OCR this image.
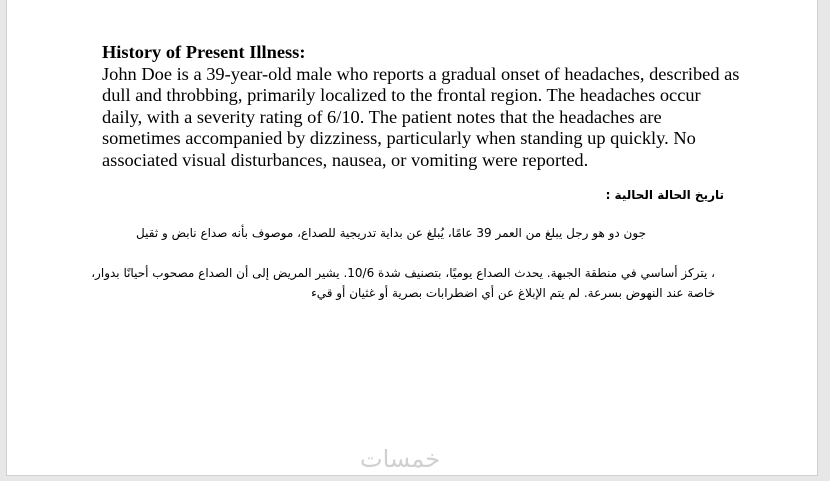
History of Present Illness:
John Doe is a 39-year-old male who reports a gradual onset of headaches, described as dull and throbbing, primarily localized to the frontal region. The headaches occur daily, with a severity rating of 6/10. The patient notes that the headaches are sometimes accompanied by dizziness, particularly when standing up quickly. No associated visual disturbances, nausea, or vomiting were reported.
تاريخ الحالة الحالية :
جون دو هو رجل يبلغ من العمر 39 عامًا، يُبلغ عن بداية تدريجية للصداع، موصوف بأنه صداع نابض و ثقيل
، يتركز أساسي في منطقة الجبهة. يحدث الصداع يوميًا، بتصنيف شدة 10/6. يشير المريض إلى أن الصداع مصحوب أحيانًا بدوار، خاصة عند النهوض بسرعة. لم يتم الإبلاغ عن أي اضطرابات بصرية أو غثيان أو قيء
خمسات
